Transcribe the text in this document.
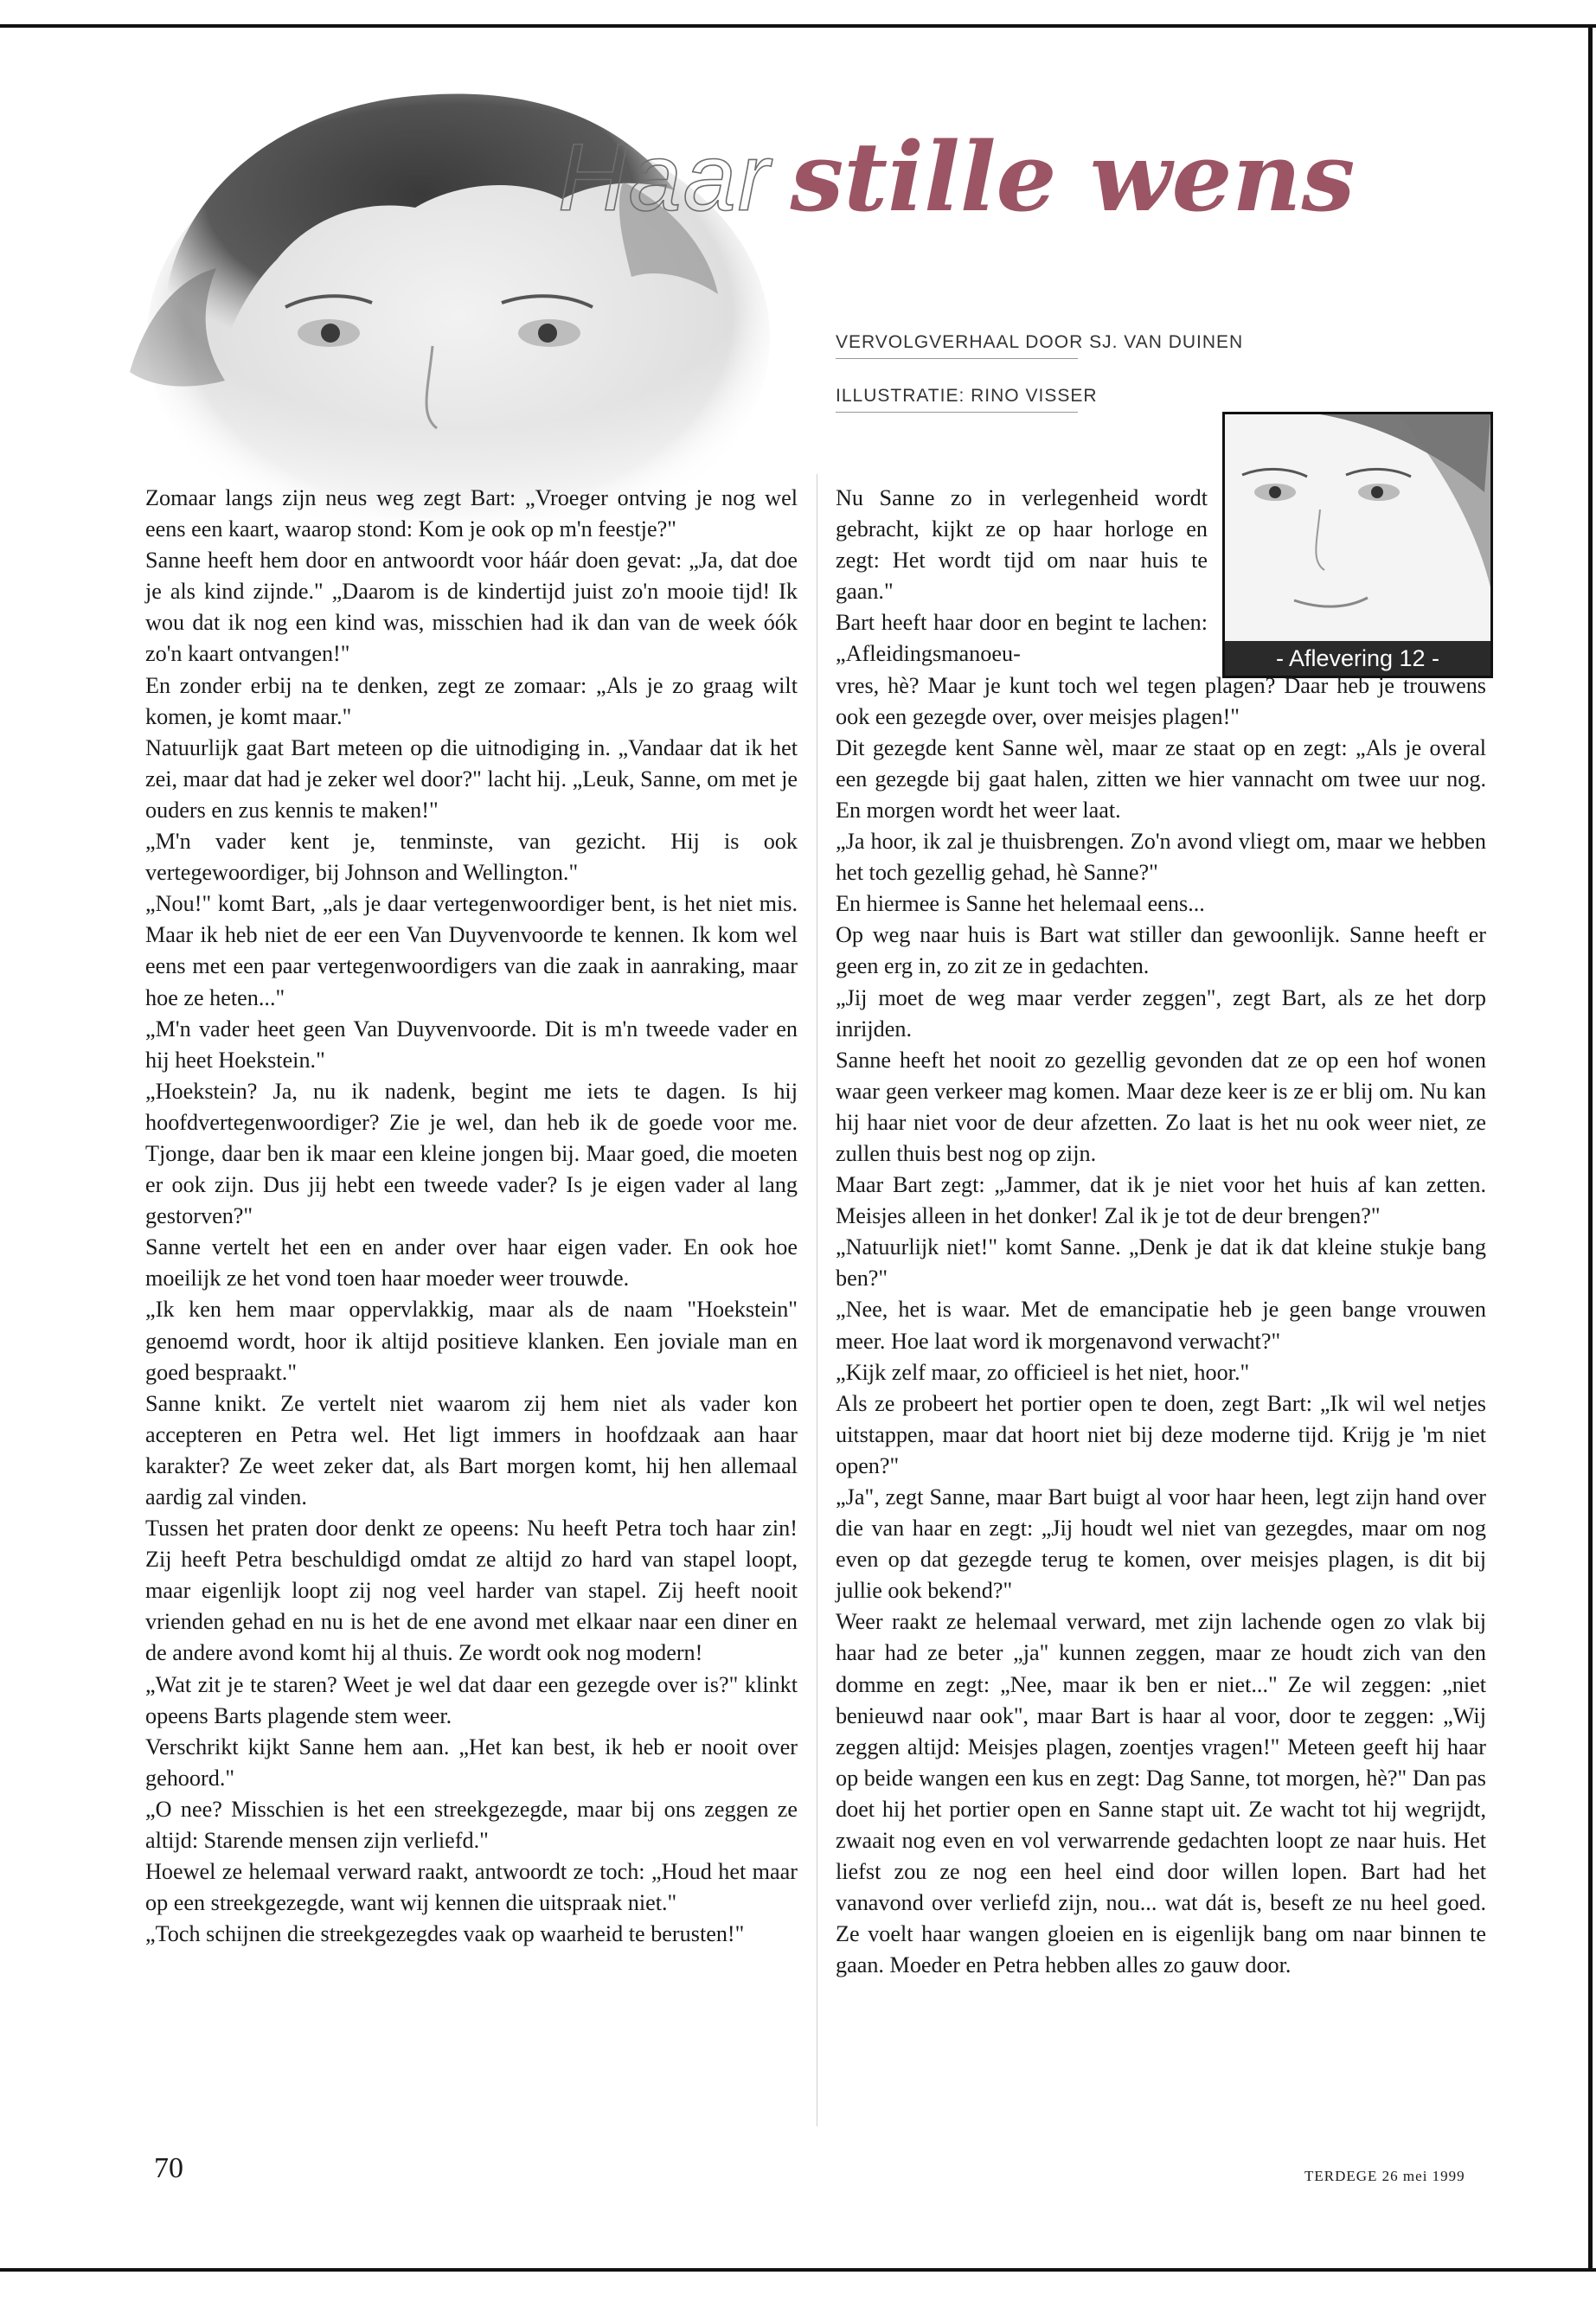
Haar stille wens
VERVOLGVERHAAL DOOR SJ. VAN DUINEN
ILLUSTRATIE: RINO VISSER
- Aflevering 12 -

Zomaar langs zijn neus weg zegt Bart: „Vroeger ontving je nog wel eens een kaart, waarop stond: Kom je ook op m'n feestje?"

Sanne heeft hem door en antwoordt voor háár doen gevat: „Ja, dat doe je als kind zijnde." „Daarom is de kindertijd juist zo'n mooie tijd! Ik wou dat ik nog een kind was, misschien had ik dan van de week óók zo'n kaart ontvangen!"

En zonder erbij na te denken, zegt ze zomaar: „Als je zo graag wilt komen, je komt maar."

Natuurlijk gaat Bart meteen op die uitnodiging in. „Vandaar dat ik het zei, maar dat had je zeker wel door?" lacht hij. „Leuk, Sanne, om met je ouders en zus kennis te maken!"

„M'n vader kent je, tenminste, van gezicht. Hij is ook vertegewoordiger, bij Johnson and Wellington."

„Nou!" komt Bart, „als je daar vertegenwoordiger bent, is het niet mis. Maar ik heb niet de eer een Van Duyvenvoorde te kennen. Ik kom wel eens met een paar vertegenwoordigers van die zaak in aanraking, maar hoe ze heten..."

„M'n vader heet geen Van Duyvenvoorde. Dit is m'n tweede vader en hij heet Hoekstein."

„Hoekstein? Ja, nu ik nadenk, begint me iets te dagen. Is hij hoofdvertegenwoordiger? Zie je wel, dan heb ik de goede voor me. Tjonge, daar ben ik maar een kleine jongen bij. Maar goed, die moeten er ook zijn. Dus jij hebt een tweede vader? Is je eigen vader al lang gestorven?"

Sanne vertelt het een en ander over haar eigen vader. En ook hoe moeilijk ze het vond toen haar moeder weer trouwde.

„Ik ken hem maar oppervlakkig, maar als de naam "Hoekstein" genoemd wordt, hoor ik altijd positieve klanken. Een joviale man en goed bespraakt."

Sanne knikt. Ze vertelt niet waarom zij hem niet als vader kon accepteren en Petra wel. Het ligt immers in hoofdzaak aan haar karakter? Ze weet zeker dat, als Bart morgen komt, hij hen allemaal aardig zal vinden.

Tussen het praten door denkt ze opeens: Nu heeft Petra toch haar zin! Zij heeft Petra beschuldigd omdat ze altijd zo hard van stapel loopt, maar eigenlijk loopt zij nog veel harder van stapel. Zij heeft nooit vrienden gehad en nu is het de ene avond met elkaar naar een diner en de andere avond komt hij al thuis. Ze wordt ook nog modern!

„Wat zit je te staren? Weet je wel dat daar een gezegde over is?" klinkt opeens Barts plagende stem weer.

Verschrikt kijkt Sanne hem aan. „Het kan best, ik heb er nooit over gehoord."

„O nee? Misschien is het een streekgezegde, maar bij ons zeggen ze altijd: Starende mensen zijn verliefd."

Hoewel ze helemaal verward raakt, antwoordt ze toch: „Houd het maar op een streekgezegde, want wij kennen die uitspraak niet."

„Toch schijnen die streekgezegdes vaak op waarheid te berusten!"

Nu Sanne zo in verlegenheid wordt gebracht, kijkt ze op haar horloge en zegt: Het wordt tijd om naar huis te gaan."

Bart heeft haar door en begint te lachen: „Afleidingsmanoeu-

vres, hè? Maar je kunt toch wel tegen plagen? Daar heb je trouwens ook een gezegde over, over meisjes plagen!"

Dit gezegde kent Sanne wèl, maar ze staat op en zegt: „Als je overal een gezegde bij gaat halen, zitten we hier vannacht om twee uur nog. En morgen wordt het weer laat.

„Ja hoor, ik zal je thuisbrengen. Zo'n avond vliegt om, maar we hebben het toch gezellig gehad, hè Sanne?"

En hiermee is Sanne het helemaal eens...

Op weg naar huis is Bart wat stiller dan gewoonlijk. Sanne heeft er geen erg in, zo zit ze in gedachten.

„Jij moet de weg maar verder zeggen", zegt Bart, als ze het dorp inrijden.

Sanne heeft het nooit zo gezellig gevonden dat ze op een hof wonen waar geen verkeer mag komen. Maar deze keer is ze er blij om. Nu kan hij haar niet voor de deur afzetten. Zo laat is het nu ook weer niet, ze zullen thuis best nog op zijn.

Maar Bart zegt: „Jammer, dat ik je niet voor het huis af kan zetten. Meisjes alleen in het donker! Zal ik je tot de deur brengen?"

„Natuurlijk niet!" komt Sanne. „Denk je dat ik dat kleine stukje bang ben?"

„Nee, het is waar. Met de emancipatie heb je geen bange vrouwen meer. Hoe laat word ik morgenavond verwacht?"

„Kijk zelf maar, zo officieel is het niet, hoor."

Als ze probeert het portier open te doen, zegt Bart: „Ik wil wel netjes uitstappen, maar dat hoort niet bij deze moderne tijd. Krijg je 'm niet open?"

„Ja", zegt Sanne, maar Bart buigt al voor haar heen, legt zijn hand over die van haar en zegt: „Jij houdt wel niet van gezegdes, maar om nog even op dat gezegde terug te komen, over meisjes plagen, is dit bij jullie ook bekend?"

Weer raakt ze helemaal verward, met zijn lachende ogen zo vlak bij haar had ze beter „ja" kunnen zeggen, maar ze houdt zich van den domme en zegt: „Nee, maar ik ben er niet..." Ze wil zeggen: „niet benieuwd naar ook", maar Bart is haar al voor, door te zeggen: „Wij zeggen altijd: Meisjes plagen, zoentjes vragen!" Meteen geeft hij haar op beide wangen een kus en zegt: Dag Sanne, tot morgen, hè?" Dan pas doet hij het portier open en Sanne stapt uit. Ze wacht tot hij wegrijdt, zwaait nog even en vol verwarrende gedachten loopt ze naar huis. Het liefst zou ze nog een heel eind door willen lopen. Bart had het vanavond over verliefd zijn, nou... wat dát is, beseft ze nu heel goed. Ze voelt haar wangen gloeien en is eigenlijk bang om naar binnen te gaan. Moeder en Petra hebben alles zo gauw door.

70	TERDEGE 26 mei 1999
